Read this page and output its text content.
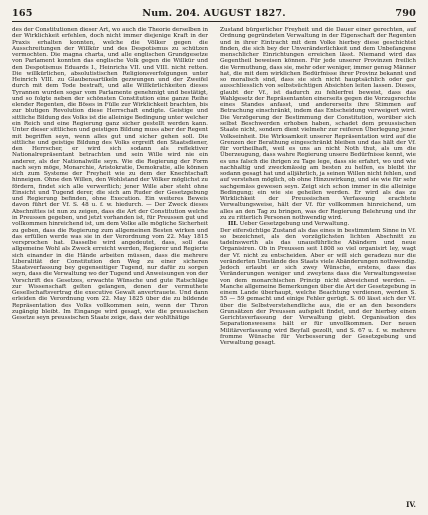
165	Num. 204. AUGUST 1827.	790

des der Constitutionen dieser Art, wo auch die Theorie derselben in der Wirklichkeit erfehlen, doch nicht immer diejenige Kraft in der Praxis erhalten konnten, welche die Völker gegen die Ausschreitungen der Willkür und des Despotismus zu schützen vermochten. Die magna charta, und alle englischen Grundgesetze von Parlament konnten das englische Volk gegen die Willkür und den Despotismus Eduards I., Heinrichs VII. und VIII. nicht retten. Die willkürlichen, absolutistischen Religionsverfolgungen unter Heinrich VIII. zu Glaubensartikeln gezwungen und der Zweifel durch mit dem Tode bestraft, und alle Willkürlichkeiten dieses Tyrannen wurden sogar vom Parlamente genehmigt und bestätigt, und so folgte neben der schönsten Constitution eine ganze Reihe elender Regenten, die Böses in Fülle zur Wirklichkeit brachten, bis zur blutigen Revolution diese Herrschaft endigte. Geistige und sittliche Bildung des Volks ist die alleinige Bedingung unter welcher ein Reich und eine Regierung ganz sicher gestellt werden kann. Unter dieser sittlichen und geistigen Bildung muss aber der Regent mit begriffen seyn, wenn alles gut und sicher gehen soll. Die sittliche und geistige Bildung des Volks ergreift den Staatsdiener, den Herrscher, er wird sich sodann als reflektiver Nationalrepräsentant betrachten und sein Wille wird nie ein anderer, als der Nationalwille seyn. Wie die Regierung der Form nach seyn möge, Monarchie, Aristokratie, Demokratie, alle können sich zum Systeme der Freyheit wie zu dem der Knechtschaft hinneigen. Ohne den Willen, den Wohlstand der Völker möglichst zu fördern, findet sich alle verwerflich; jener Wille aber steht ohne Einsicht und Tugend derer, die sich am Ruder der Gesetzgebung und Regierung befinden, ohne Execution. Ein weiteres Beweis davon führt der Vf. S. 48 u. f. w. hiedurch. — Der Zweck dieses Abschnittes ist nun zu zeigen, dass die Art der Constitution welche in Preussen gegeben, und jetzt vorhanden ist, für Preussen gut und vollkommen hinreichend ist, um dem Volke alle mögliche Sicherheit zu geben, dass die Regierung zum allgemeinen Besten wirken und das erfüllen werde was sie in der Verordnung vom 22. May 1815 versprochen hat. Dasselbe wird angedeutet, dass, soll das allgemeine Wohl als Zweck erreicht werden, Regierer und Regierte sich einander in die Hände arbeiten müssen, dass die mehrere Liberalität der Constitution den Weg zu einer sicheren Staatsverfassung bey gegenseitiger Tugend, nur dafür zu sorgen seyn, dass die Verwaltung wo der Tugend und Anweisungen von der Vorschrift des Gesetzes, erwachte Wünsche und gute Ratschläge zur Wissenschaft gelten gelangen, denen der vermuthete Gesellschaftsvertrag die executive Gewalt anvertrauete. Und dann erleiden die Verordnung vom 22. May 1825 über die zu bildende Repräsentation des Volks vollkommen sein, wenn der Thron zugängig bleibt. Im Eingange wird gesagt, wie die preussischen Gesetze seyn preussischen Staate zeige, dass der wohlthätige

Zustand bürgerlicher Freyheit und die Dauer einer gerechten, auf Ordnung gegründeten Verwaltung in der Eigenschaft der Regenten und in ihrer Eintracht mit dem Volke hierbey diese geschichtet finden, die sich bey der Unveränderlichkeit und dem Unbefangene menschlicher Einrichtungen erreichen lässt. Niemand wird das Gegentheil beweisen können. Für jede unserer Provinzen freilich die Vermuthung, dass sie, mehr oder weniger, immer genug Männer hat, die mit dem wirklichen Bedürfnisse ihrer Provinz bekannt und so moralisch sind, dass sie sich nicht hauptsächlich oder gar ausschliesslich von selbstsüchtigen Absichten leiten lassen. Dieses, glaubt der Vf., ist dadurch zu fehlerfrei beweist, dass das Wahlgesetz der Repräsentanten einerseits gegen die Vorzugsrechte eines Standes anfasst, und andererseits ihre Stimmen auf Betrachung einschränkt, indem das Entscheidung verweigert wird. Die Verzögerung der Bestimmung der Constitution, worüber sich selbst Beschwerden erhoben haben, schadet dem preussischen Staate nicht, sondern dient vielmehr zur reiferen Überlegung jener Volkseinheit. Die Wirksamkeit unserer Repräsentation wird auf die Grenzen der Berathung eingeschränkt bleiben und das hält der Vf. für vortheilhaft, weil es uns an nicht Noth thut, als um die Überzeugung, dass wahre Regierung unsere Bedürfnisse kennt, wie es uns falsch die ihrigen zu Tage lege, dass sie erfahrt, wo und wie nachhaltig und zweckmässig am besten zu helfen, es bleibt ihr sodann gesagt hat und alljährlich, ja seinen Willen nicht fehlen, und auf verstehen möglich, ob ohne Hinzuwirkung, und sie wie für sehr sachgemäss gewesen seyn. Zeigt sich schon immer in die alleinige Bedingung; ein wie sie geheilen werden. Er wird als das zu Wirklichkeit der Preussischen Verfassung erachtete Verwaltungsweise, hält der Vf. für vollkommen hinreichend, um alles an den Tag zu bringen, was der Regierung Belehrung und ihr zu zu ritterlich Personen nothwendig wird.

III. Ueber Gesetzgebung und Verwaltung.

Der eifersüchtige Zustand als das eines in bestimmtem Sinne in Vf. so bezeichnet, als den vorzüglichsten lichten Abschnitt zu tadelnswerth als das unausführliche Abändern und neue Organisiren. Ob in Preussen seit 1808 so viel organisirt ley, wagt der Vf. nicht zu entscheiden. Aber er will sich geradezu nur die veränderten Umstände des Staats viele Abänderungen nothwendig. Jedoch erlaubt er sich zwey Wünsche, erstens, dass das Veränderungen weniger und zweytens dass die Verwaltungsweise von dem monarchischen Princip nicht abweichend werden. — Manche allgemeine Bemerkungen über die Art der Gesetzgebung in einem Lande überhaupt, welche Beachtung verdienen, werden S. 55 — 59 gemacht und einige Fehler gerügt. S. 60 lässt sich der Vf. über die Selbstverstehendliche aus, die er an den besonders Grunsätzen der Preussen aufspielt findet, und der hierbey einen Gerichtsverfassung der Verwaltung giebt. Organisation des Separationswesens hält er für unvollkommen. Der neuen Militärverfassung wird Beyfall gezollt, und S. 67 u. f. w. mehrere fromme Wünsche für Verbesserung der Gesetzgebung und Verwaltung gesagt.

IV.
